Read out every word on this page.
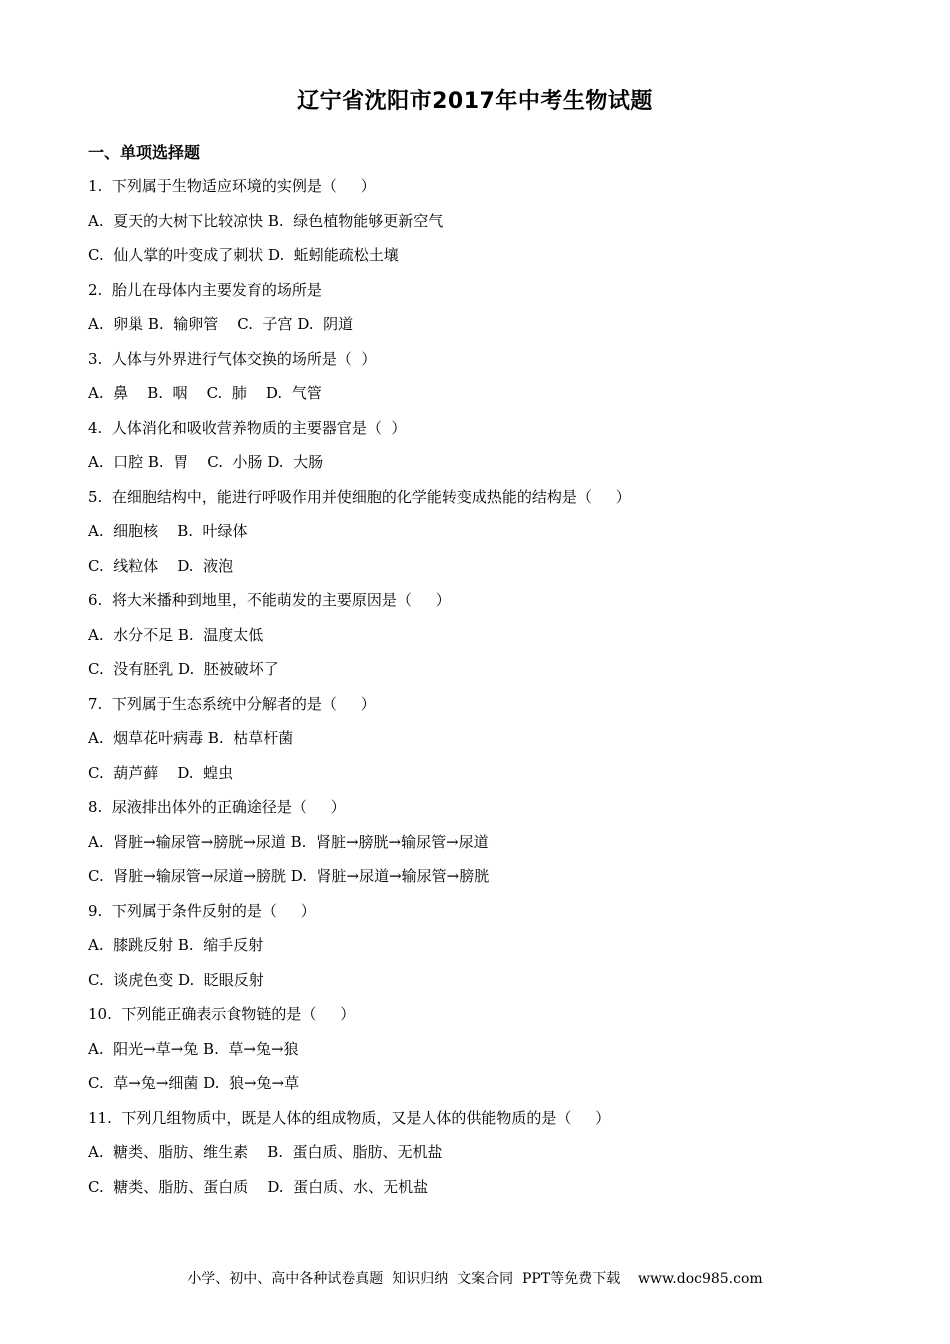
辽宁省沈阳市2017年中考生物试题
一、单项选择题
1.  下列属于生物适应环境的实例是（     ）
A.  夏天的大树下比较凉快 B.  绿色植物能够更新空气
C.  仙人掌的叶变成了刺状 D.  蚯蚓能疏松土壤
2.  胎儿在母体内主要发育的场所是
A.  卵巢 B.  输卵管    C.  子宫 D.  阴道
3.  人体与外界进行气体交换的场所是（  ）
A.  鼻    B.  咽    C.  肺    D.  气管
4.  人体消化和吸收营养物质的主要器官是（  ）
A.  口腔 B.  胃    C.  小肠 D.  大肠
5.  在细胞结构中，能进行呼吸作用并使细胞的化学能转变成热能的结构是（     ）
A.  细胞核    B.  叶绿体
C.  线粒体    D.  液泡
6.  将大米播种到地里，不能萌发的主要原因是（     ）
A.  水分不足 B.  温度太低
C.  没有胚乳 D.  胚被破坏了
7.  下列属于生态系统中分解者的是（     ）
A.  烟草花叶病毒 B.  枯草杆菌
C.  葫芦藓    D.  蝗虫
8.  尿液排出体外的正确途径是（     ）
A.  肾脏→输尿管→膀胱→尿道 B.  肾脏→膀胱→输尿管→尿道
C.  肾脏→输尿管→尿道→膀胱 D.  肾脏→尿道→输尿管→膀胱
9.  下列属于条件反射的是（     ）
A.  膝跳反射 B.  缩手反射
C.  谈虎色变 D.  眨眼反射
10.  下列能正确表示食物链的是（     ）
A.  阳光→草→兔 B.  草→兔→狼
C.  草→兔→细菌 D.  狼→兔→草
11.  下列几组物质中，既是人体的组成物质，又是人体的供能物质的是（     ）
A.  糖类、脂肪、维生素    B.  蛋白质、脂肪、无机盐
C.  糖类、脂肪、蛋白质    D.  蛋白质、水、无机盐
小学、初中、高中各种试卷真题  知识归纳  文案合同  PPT等免费下载    www.doc985.com
